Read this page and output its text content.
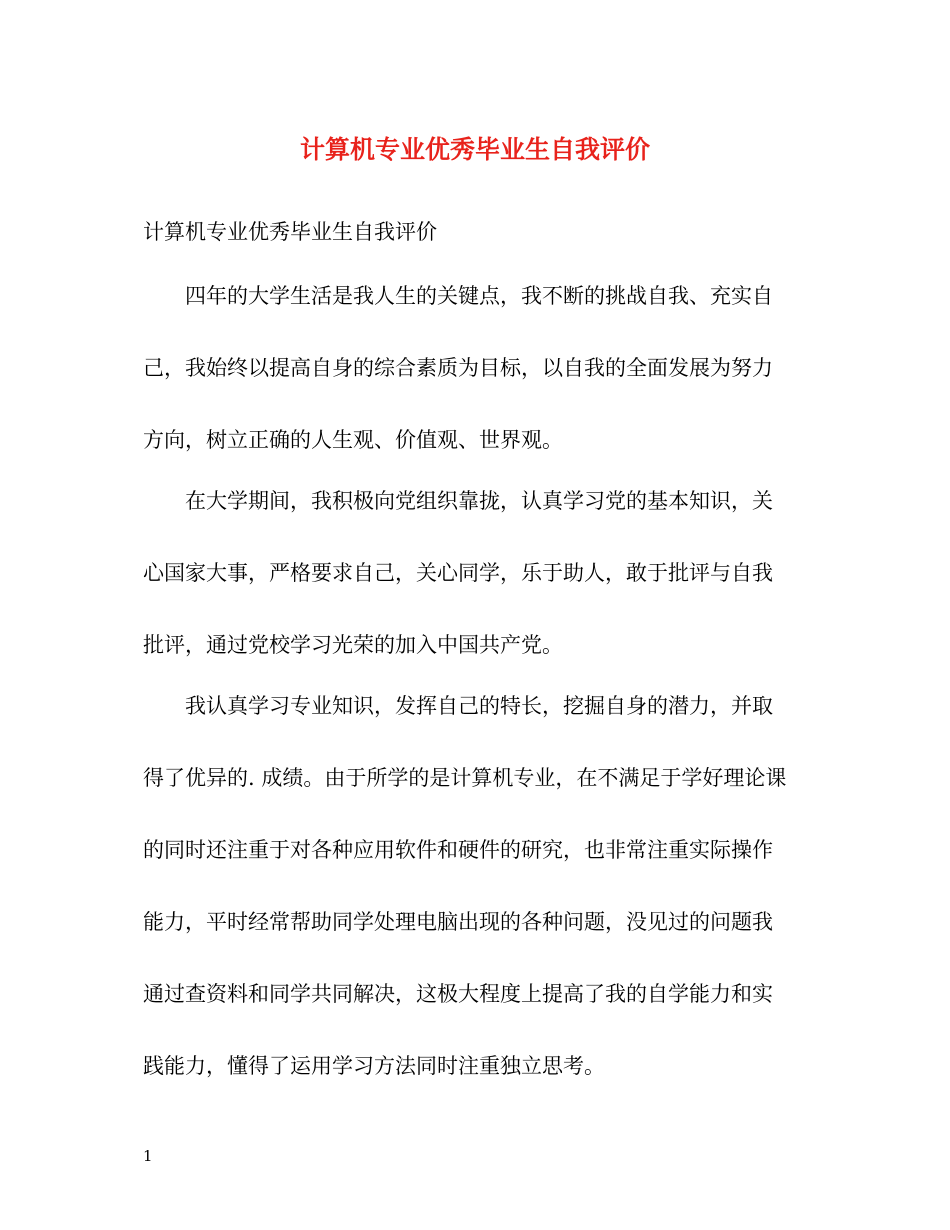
计算机专业优秀毕业生自我评价
计算机专业优秀毕业生自我评价
四年的大学生活是我人生的关键点，我不断的挑战自我、充实自
己，我始终以提高自身的综合素质为目标，以自我的全面发展为努力
方向，树立正确的人生观、价值观、世界观。
在大学期间，我积极向党组织靠拢，认真学习党的基本知识，关
心国家大事，严格要求自己，关心同学，乐于助人，敢于批评与自我
批评，通过党校学习光荣的加入中国共产党。
我认真学习专业知识，发挥自己的特长，挖掘自身的潜力，并取
得了优异的. 成绩。由于所学的是计算机专业，在不满足于学好理论课
的同时还注重于对各种应用软件和硬件的研究，也非常注重实际操作
能力，平时经常帮助同学处理电脑出现的各种问题，没见过的问题我
通过查资料和同学共同解决，这极大程度上提高了我的自学能力和实
践能力，懂得了运用学习方法同时注重独立思考。
1
